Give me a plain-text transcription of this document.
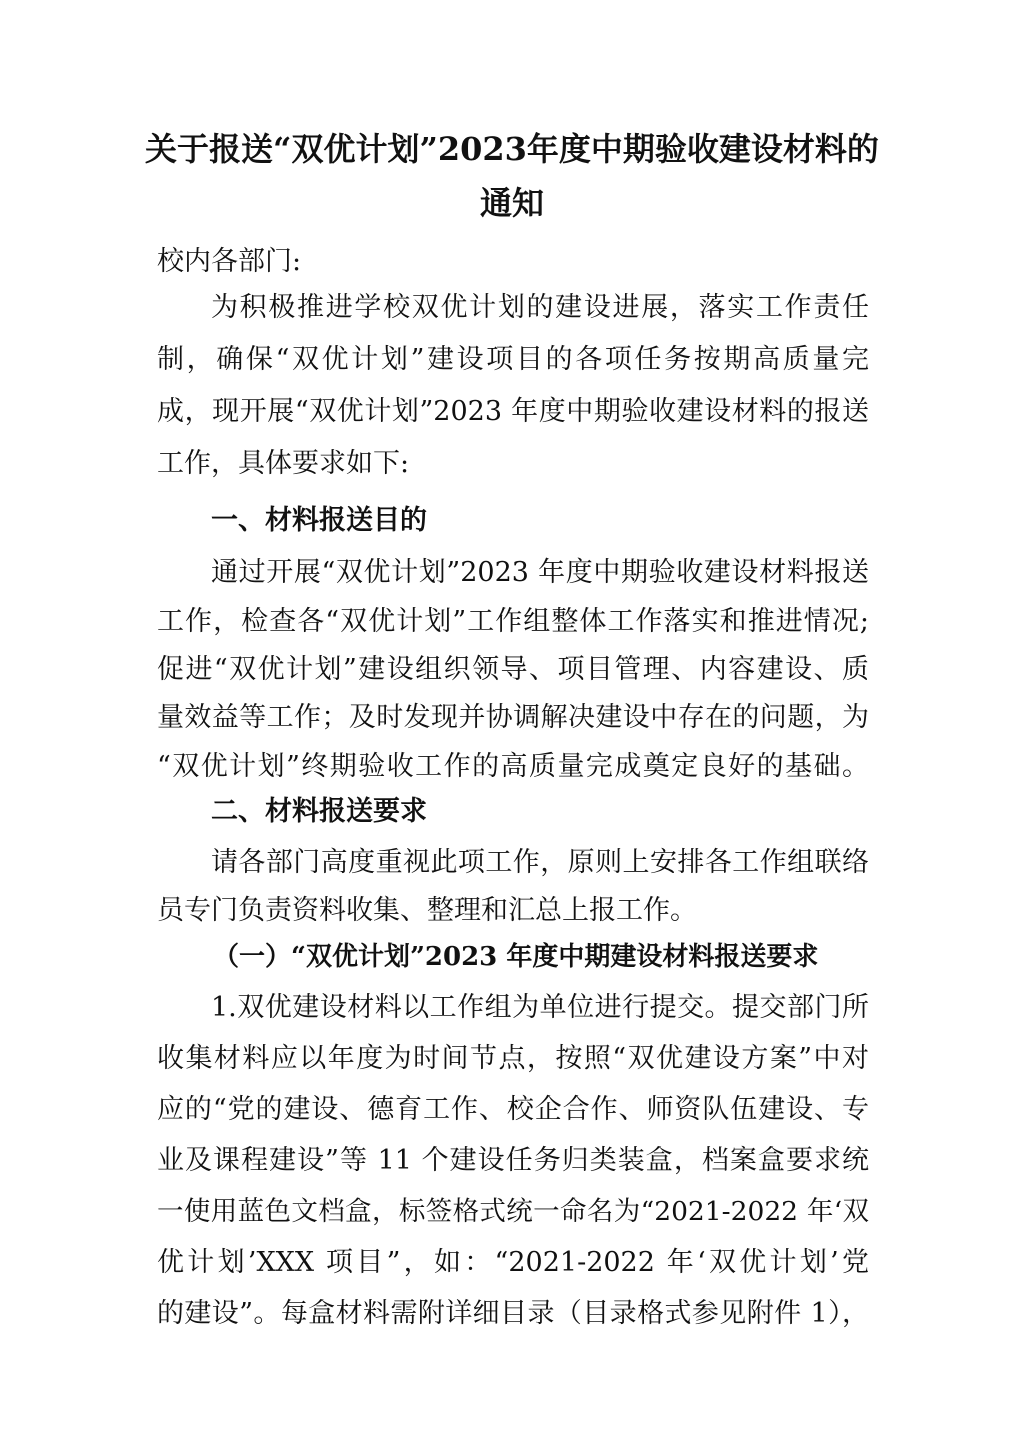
关于报送“双优计划”2023年度中期验收建设材料的
通知
校内各部门:
为积极推进学校双优计划的建设进展，落实工作责任
制，确保“双优计划”建设项目的各项任务按期高质量完
成，现开展“双优计划”2023 年度中期验收建设材料的报送
工作，具体要求如下:
一、材料报送目的
通过开展“双优计划”2023 年度中期验收建设材料报送
工作，检查各“双优计划”工作组整体工作落实和推进情况;
促进“双优计划”建设组织领导、项目管理、内容建设、质
量效益等工作；及时发现并协调解决建设中存在的问题，为
“双优计划”终期验收工作的高质量完成奠定良好的基础。
二、材料报送要求
请各部门高度重视此项工作，原则上安排各工作组联络
员专门负责资料收集、整理和汇总上报工作。
（一）“双优计划”2023 年度中期建设材料报送要求
1.双优建设材料以工作组为单位进行提交。提交部门所
收集材料应以年度为时间节点，按照“双优建设方案”中对
应的“党的建设、德育工作、校企合作、师资队伍建设、专
业及课程建设”等 11 个建设任务归类装盒，档案盒要求统
一使用蓝色文档盒，标签格式统一命名为“2021-2022 年‘双
优计划’XXX 项目”，如：“2021-2022 年‘双优计划’党
的建设”。每盒材料需附详细目录（目录格式参见附件 1），
